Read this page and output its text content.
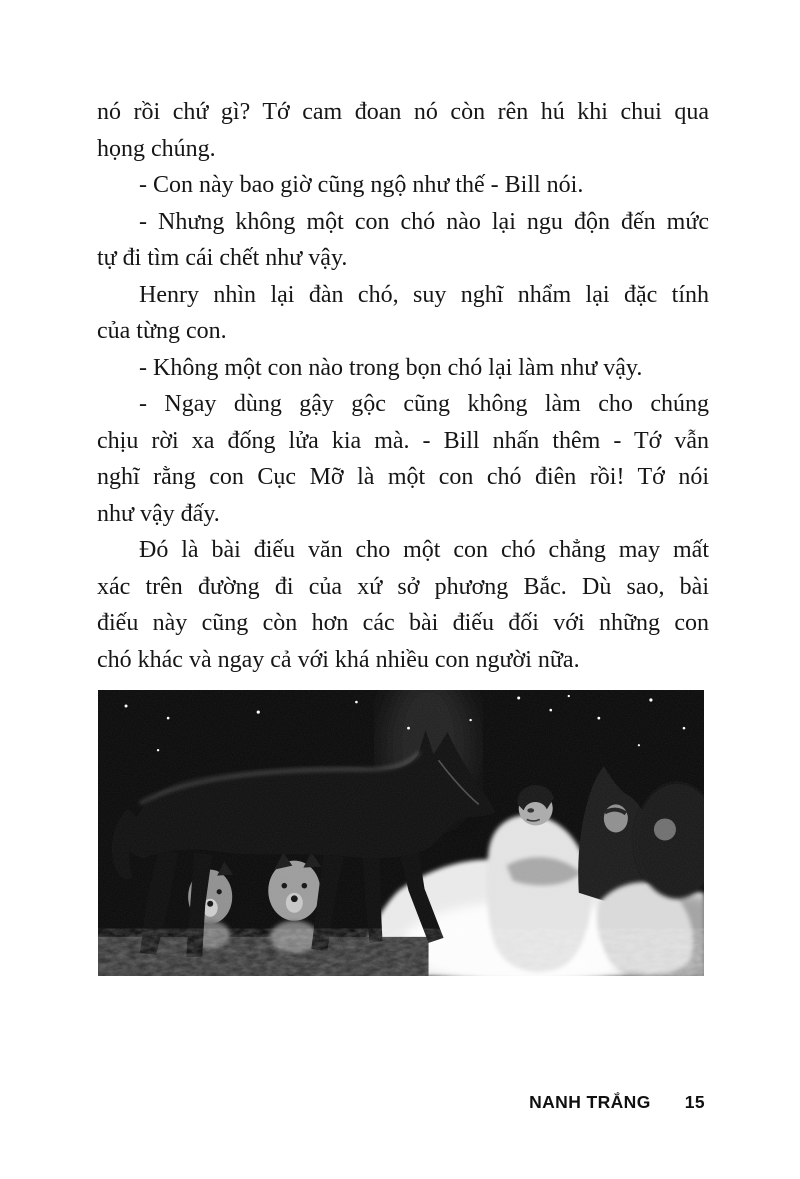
nó rồi chứ gì? Tớ cam đoan nó còn rên hú khi chui qua
họng chúng.
- Con này bao giờ cũng ngộ như thế - Bill nói.
- Nhưng không một con chó nào lại ngu độn đến mức
tự đi tìm cái chết như vậy.
Henry nhìn lại đàn chó, suy nghĩ nhẩm lại đặc tính
của từng con.
- Không một con nào trong bọn chó lại làm như vậy.
- Ngay dùng gậy gộc cũng không làm cho chúng
chịu rời xa đống lửa kia mà. - Bill nhấn thêm - Tớ vẫn
nghĩ rằng con Cục Mỡ là một con chó điên rồi! Tớ nói
như vậy đấy.
Đó là bài điếu văn cho một con chó chẳng may mất
xác trên đường đi của xứ sở phương Bắc. Dù sao, bài
điếu này cũng còn hơn các bài điếu đối với những con
chó khác và ngay cả với khá nhiều con người nữa.
NANH TRẮNG 15
